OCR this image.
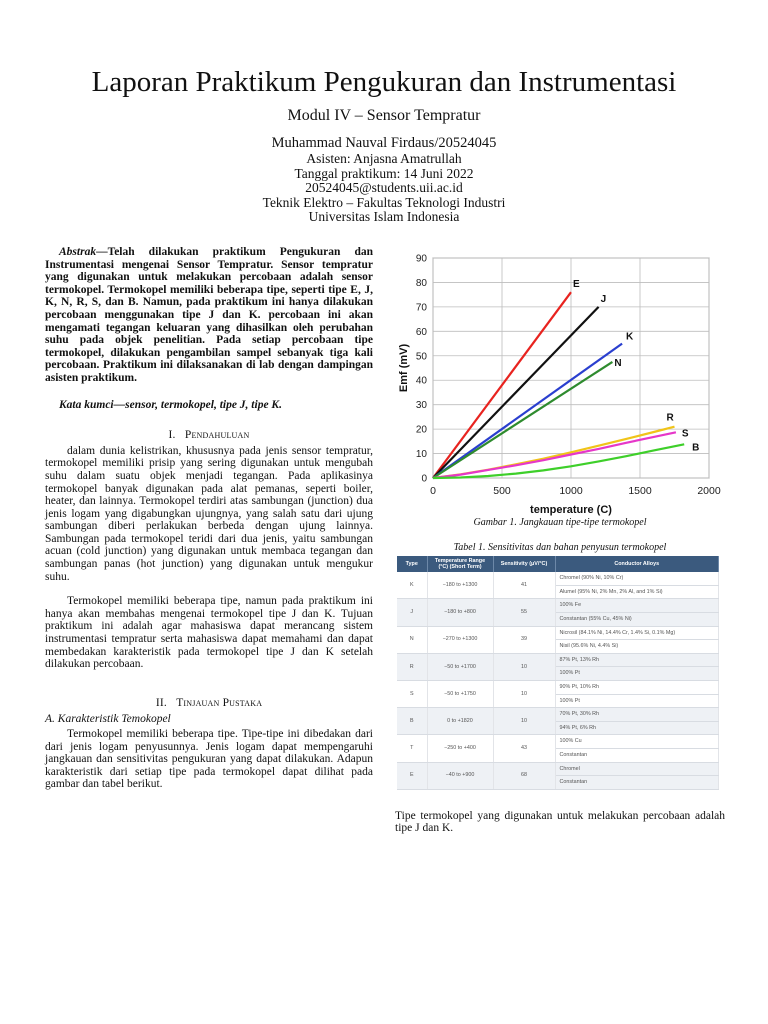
Laporan Praktikum Pengukuran dan Instrumentasi
Modul IV – Sensor Tempratur
Muhammad Nauval Firdaus/20524045
Asisten: Anjasna Amatrullah
Tanggal praktikum: 14 Juni 2022
20524045@students.uii.ac.id
Teknik Elektro – Fakultas Teknologi Industri
Universitas Islam Indonesia
Abstrak—Telah dilakukan praktikum Pengukuran dan Instrumentasi mengenai Sensor Tempratur. Sensor tempratur yang digunakan untuk melakukan percobaan adalah sensor termokopel. Termokopel memiliki beberapa tipe, seperti tipe E, J, K, N, R, S, dan B. Namun, pada praktikum ini hanya dilakukan percobaan menggunakan tipe J dan K. percobaan ini akan mengamati tegangan keluaran yang dihasilkan oleh perubahan suhu pada objek penelitian. Pada setiap percobaan tipe termokopel, dilakukan pengambilan sampel sebanyak tiga kali percobaan. Praktikum ini dilaksanakan di lab dengan dampingan asisten praktikum.
Kata kumci—sensor, termokopel, tipe J, tipe K.
I. Pendahuluan
dalam dunia kelistrikan, khususnya pada jenis sensor tempratur, termokopel memiliki prisip yang sering digunakan untuk mengubah suhu dalam suatu objek menjadi tegangan. Pada aplikasinya termokopel banyak digunakan pada alat pemanas, seperti boiler, heater, dan lainnya. Termokopel terdiri atas sambungan (junction) dua jenis logam yang digabungkan ujungnya, yang salah satu dari ujung sambungan diberi perlakukan berbeda dengan ujung lainnya. Sambungan pada termokopel teridi dari dua jenis, yaitu sambungan acuan (cold junction) yang digunakan untuk membaca tegangan dan sambungan panas (hot junction) yang digunakan untuk mengukur suhu.
Termokopel memiliki beberapa tipe, namun pada praktikum ini hanya akan membahas mengenai termokopel tipe J dan K. Tujuan praktikum ini adalah agar mahasiswa dapat merancang sistem instrumentasi tempratur serta mahasiswa dapat memahami dan dapat membedakan karakteristik pada termokopel tipe J dan K setelah dilakukan percobaan.
II. Tinjauan Pustaka
A. Karakteristik Temokopel
Termokopel memiliki beberapa tipe. Tipe-tipe ini dibedakan dari dari jenis logam penyusunnya. Jenis logam dapat mempengaruhi jangkauan dan sensitivitas pengukuran yang dapat dilakukan. Adapun karakteristik dari setiap tipe pada termokopel dapat dilihat pada gambar dan tabel berikut.
0
10
20
30
40
50
60
70
80
90
0	500	1000	1500	2000
temperature (C)
Emf (mV)
E
J
K
N
R
S
B
Gambar 1. Jangkauan tipe-tipe termokopel
Tabel 1. Sensitivitas dan bahan penyusun termokopel
Type	Temperature Range (°C) (Short Term)	Sensitivity (μV/°C)	Conductor Alloys
K	−180 to +1300	41	Chromel (90% Ni, 10% Cr)
			Alumel (95% Ni, 2% Mn, 2% Al, and 1% Si)
J	−180 to +800	55	100% Fe
			Constantan (55% Cu, 45% Ni)
N	−270 to +1300	39	Nicrosil (84.1% Ni, 14.4% Cr, 1.4% Si, 0.1% Mg)
			Nisil (95.6% Ni, 4.4% Si)
R	−50 to +1700	10	87% Pt, 13% Rh
			100% Pt
S	−50 to +1750	10	90% Pt, 10% Rh
			100% Pt
B	0 to +1820	10	70% Pt, 30% Rh
			94% Pt, 6% Rh
T	−250 to +400	43	100% Cu
			Constantan
E	−40 to +900	68	Chromel
			Constantan
Tipe termokopel yang digunakan untuk melakukan percobaan adalah tipe J dan K.
